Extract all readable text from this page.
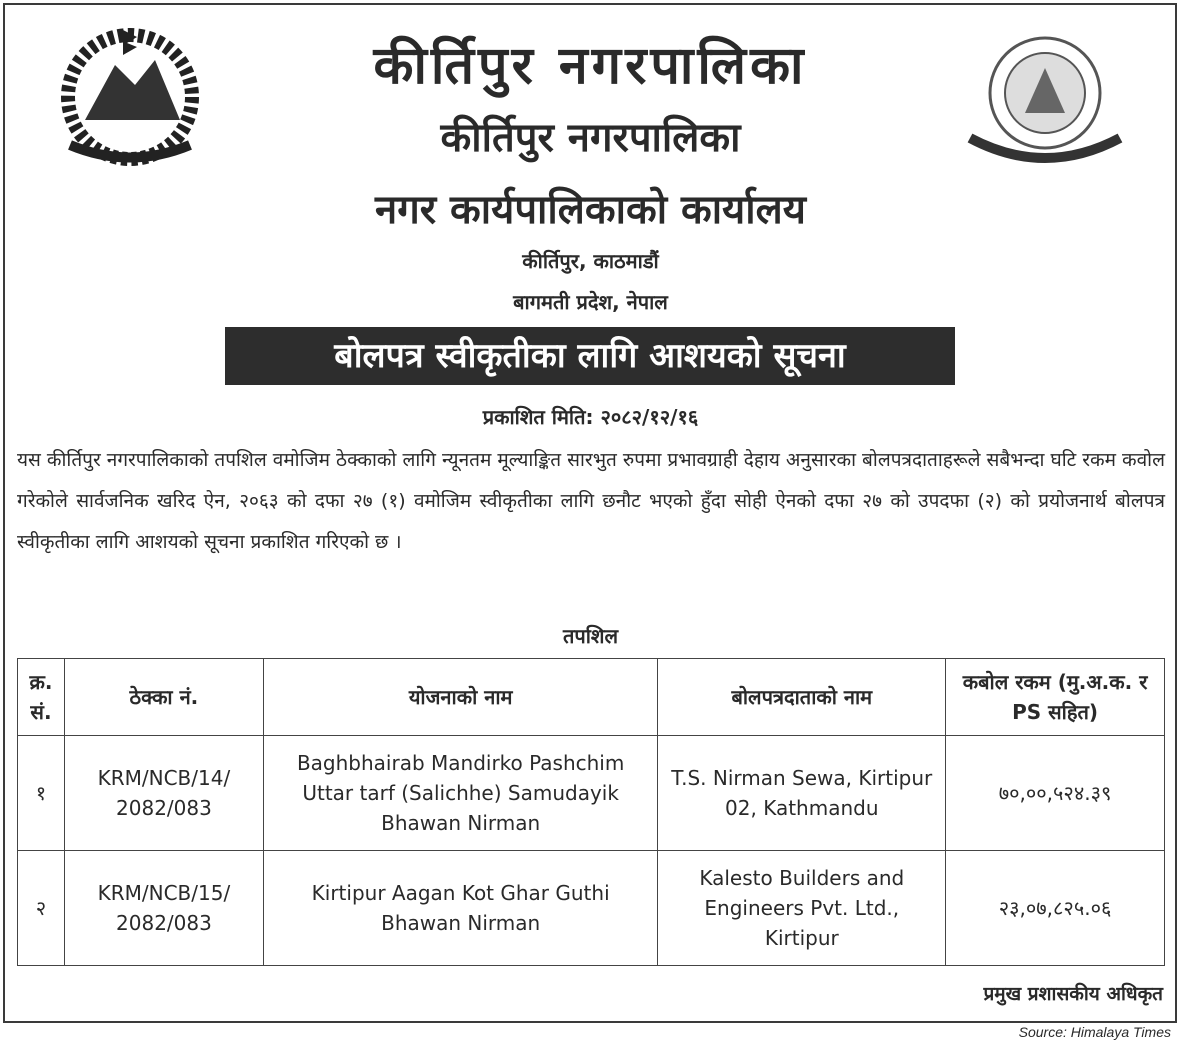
कीर्तिपुर नगरपालिका
कीर्तिपुर नगरपालिका
नगर कार्यपालिकाको कार्यालय
कीर्तिपुर, काठमाडौं
बागमती प्रदेश, नेपाल
बोलपत्र स्वीकृतीका लागि आशयको सूचना
प्रकाशित मिति: २०८२/१२/१६
यस कीर्तिपुर नगरपालिकाको तपशिल वमोजिम ठेक्काको लागि न्यूनतम मूल्याङ्कित सारभुत रुपमा प्रभावग्राही देहाय अनुसारका बोलपत्रदाताहरूले सबैभन्दा घटि रकम कवोल गरेकोले सार्वजनिक खरिद ऐन, २०६३ को दफा २७ (१) वमोजिम स्वीकृतीका लागि छनौट भएको हुँदा सोही ऐनको दफा २७ को उपदफा (२) को प्रयोजनार्थ बोलपत्र स्वीकृतीका लागि आशयको सूचना प्रकाशित गरिएको छ ।
तपशिल
क्र. सं.	ठेक्का नं.	योजनाको नाम	बोलपत्रदाताको नाम	कबोल रकम (मु.अ.क. र PS सहित)
१	KRM/NCB/14/ 2082/083	Baghbhairab Mandirko Pashchim Uttar tarf (Salichhe) Samudayik Bhawan Nirman	T.S. Nirman Sewa, Kirtipur 02, Kathmandu	७०,००,५२४.३९
२	KRM/NCB/15/ 2082/083	Kirtipur Aagan Kot Ghar Guthi Bhawan Nirman	Kalesto Builders and Engineers Pvt. Ltd., Kirtipur	२३,०७,८२५.०६
प्रमुख प्रशासकीय अधिकृत
Source: Himalaya Times
